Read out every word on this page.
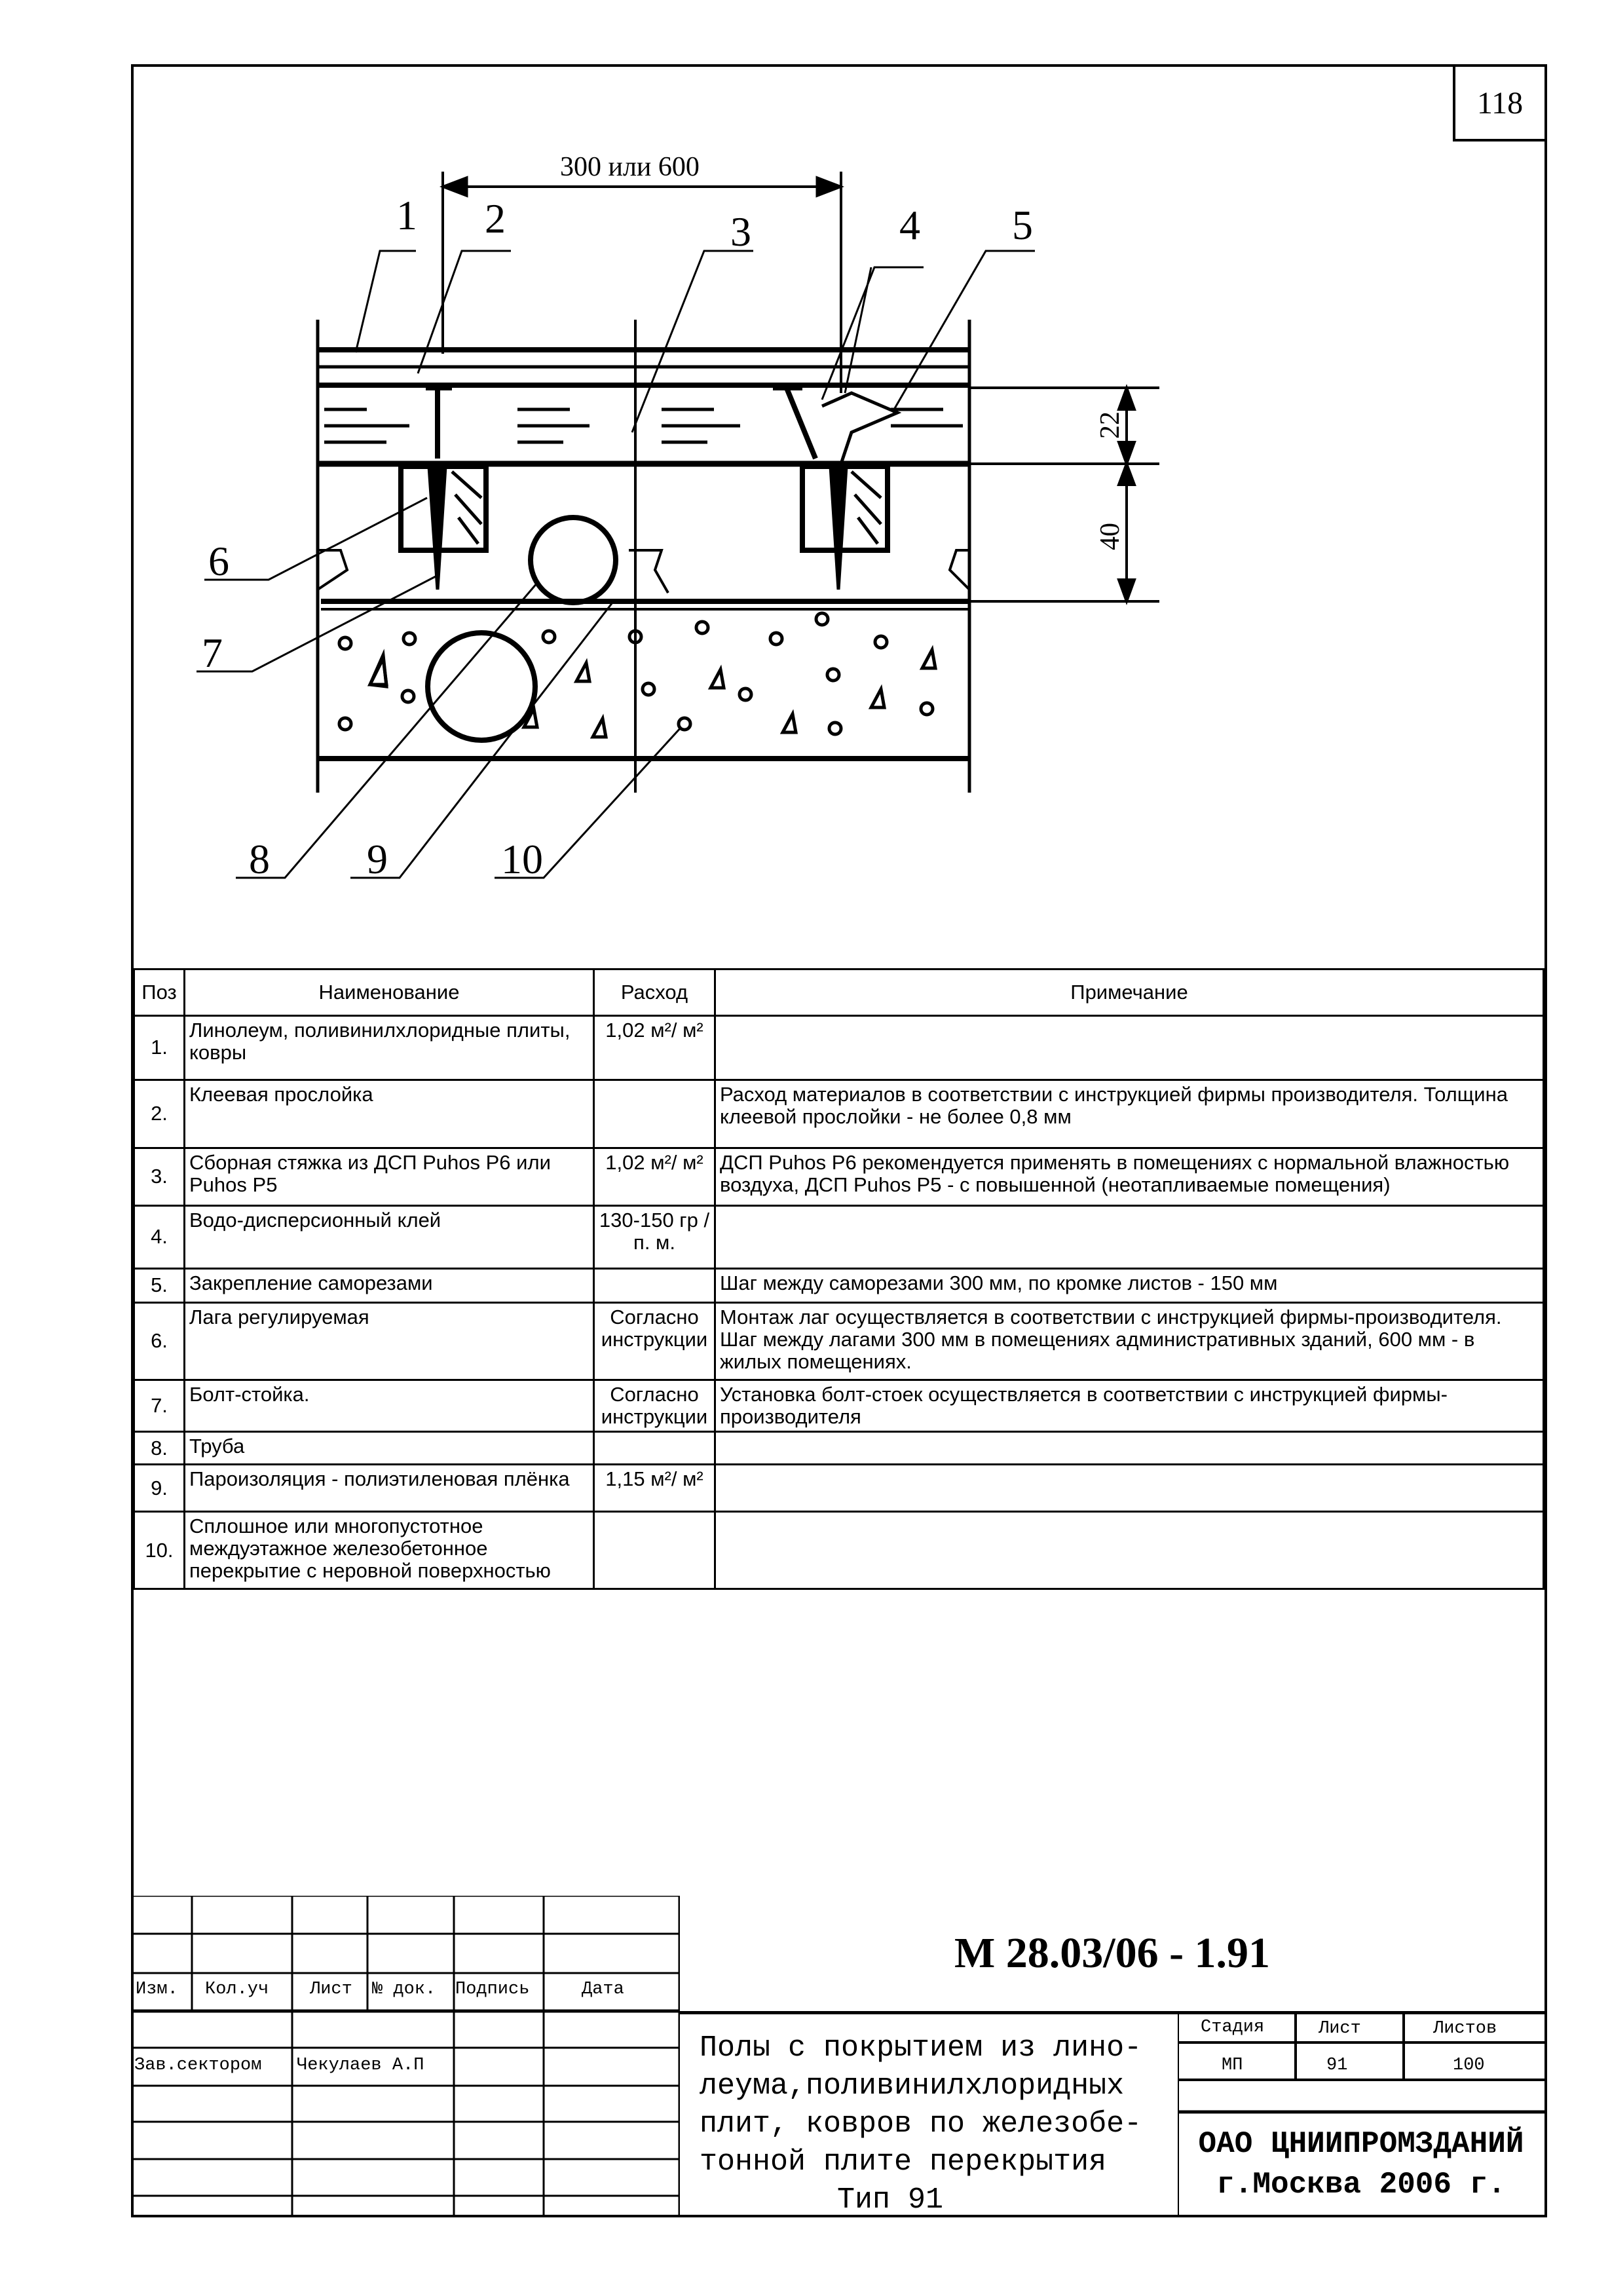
118
22
40
300 или 600
1 2	3	4 5
6
7
8 9	10
Поз	Наименование	Расход	Примечание
1.	Линолеум, поливинилхлоридные плиты, ковры	1,02 м²/ м²	
2.	Клеевая прослойка		Расход материалов в соответствии с инструкцией фирмы производителя. Толщина клеевой прослойки - не более 0,8 мм
3.	Сборная стяжка из ДСП Puhos P6 или Puhos P5	1,02 м²/ м²	ДСП Puhos P6 рекомендуется применять в помещениях с нормальной влажностью воздуха, ДСП Puhos P5 - с повышенной (неотапливаемые помещения)
4.	Водо-дисперсионный клей	130-150 гр /п. м.	
5.	Закрепление саморезами		Шаг между саморезами 300 мм, по кромке листов - 150 мм
6.	Лага регулируемая	Согласно инструкции	Монтаж лаг осуществляется в соответствии с инструкцией фирмы-производителя. Шаг между лагами 300 мм в помещениях административных зданий, 600 мм - в жилых помещениях.
7.	Болт-стойка.	Согласно инструкции	Установка болт-стоек осуществляется в соответствии с инструкцией фирмы-производителя
8.	Труба		
9.	Пароизоляция - полиэтиленовая плёнка	1,15 м²/ м²	
10.	Сплошное или многопустотное междуэтажное железобетонное перекрытие с неровной поверхностью		
Изм. Кол.уч Лист № док. Подпись	Дата
Зав.сектором Чекулаев А.П
М 28.03/06 - 1.91
Полы с покрытием из лино-
леума,поливинилхлоридных
плит, ковров по железобе-
тонной плите перекрытия
Тип 91
Стадия	Лист	Листов
МП	91	100
ОАО ЦНИИПРОМЗДАНИЙ
г.Москва 2006 г.
